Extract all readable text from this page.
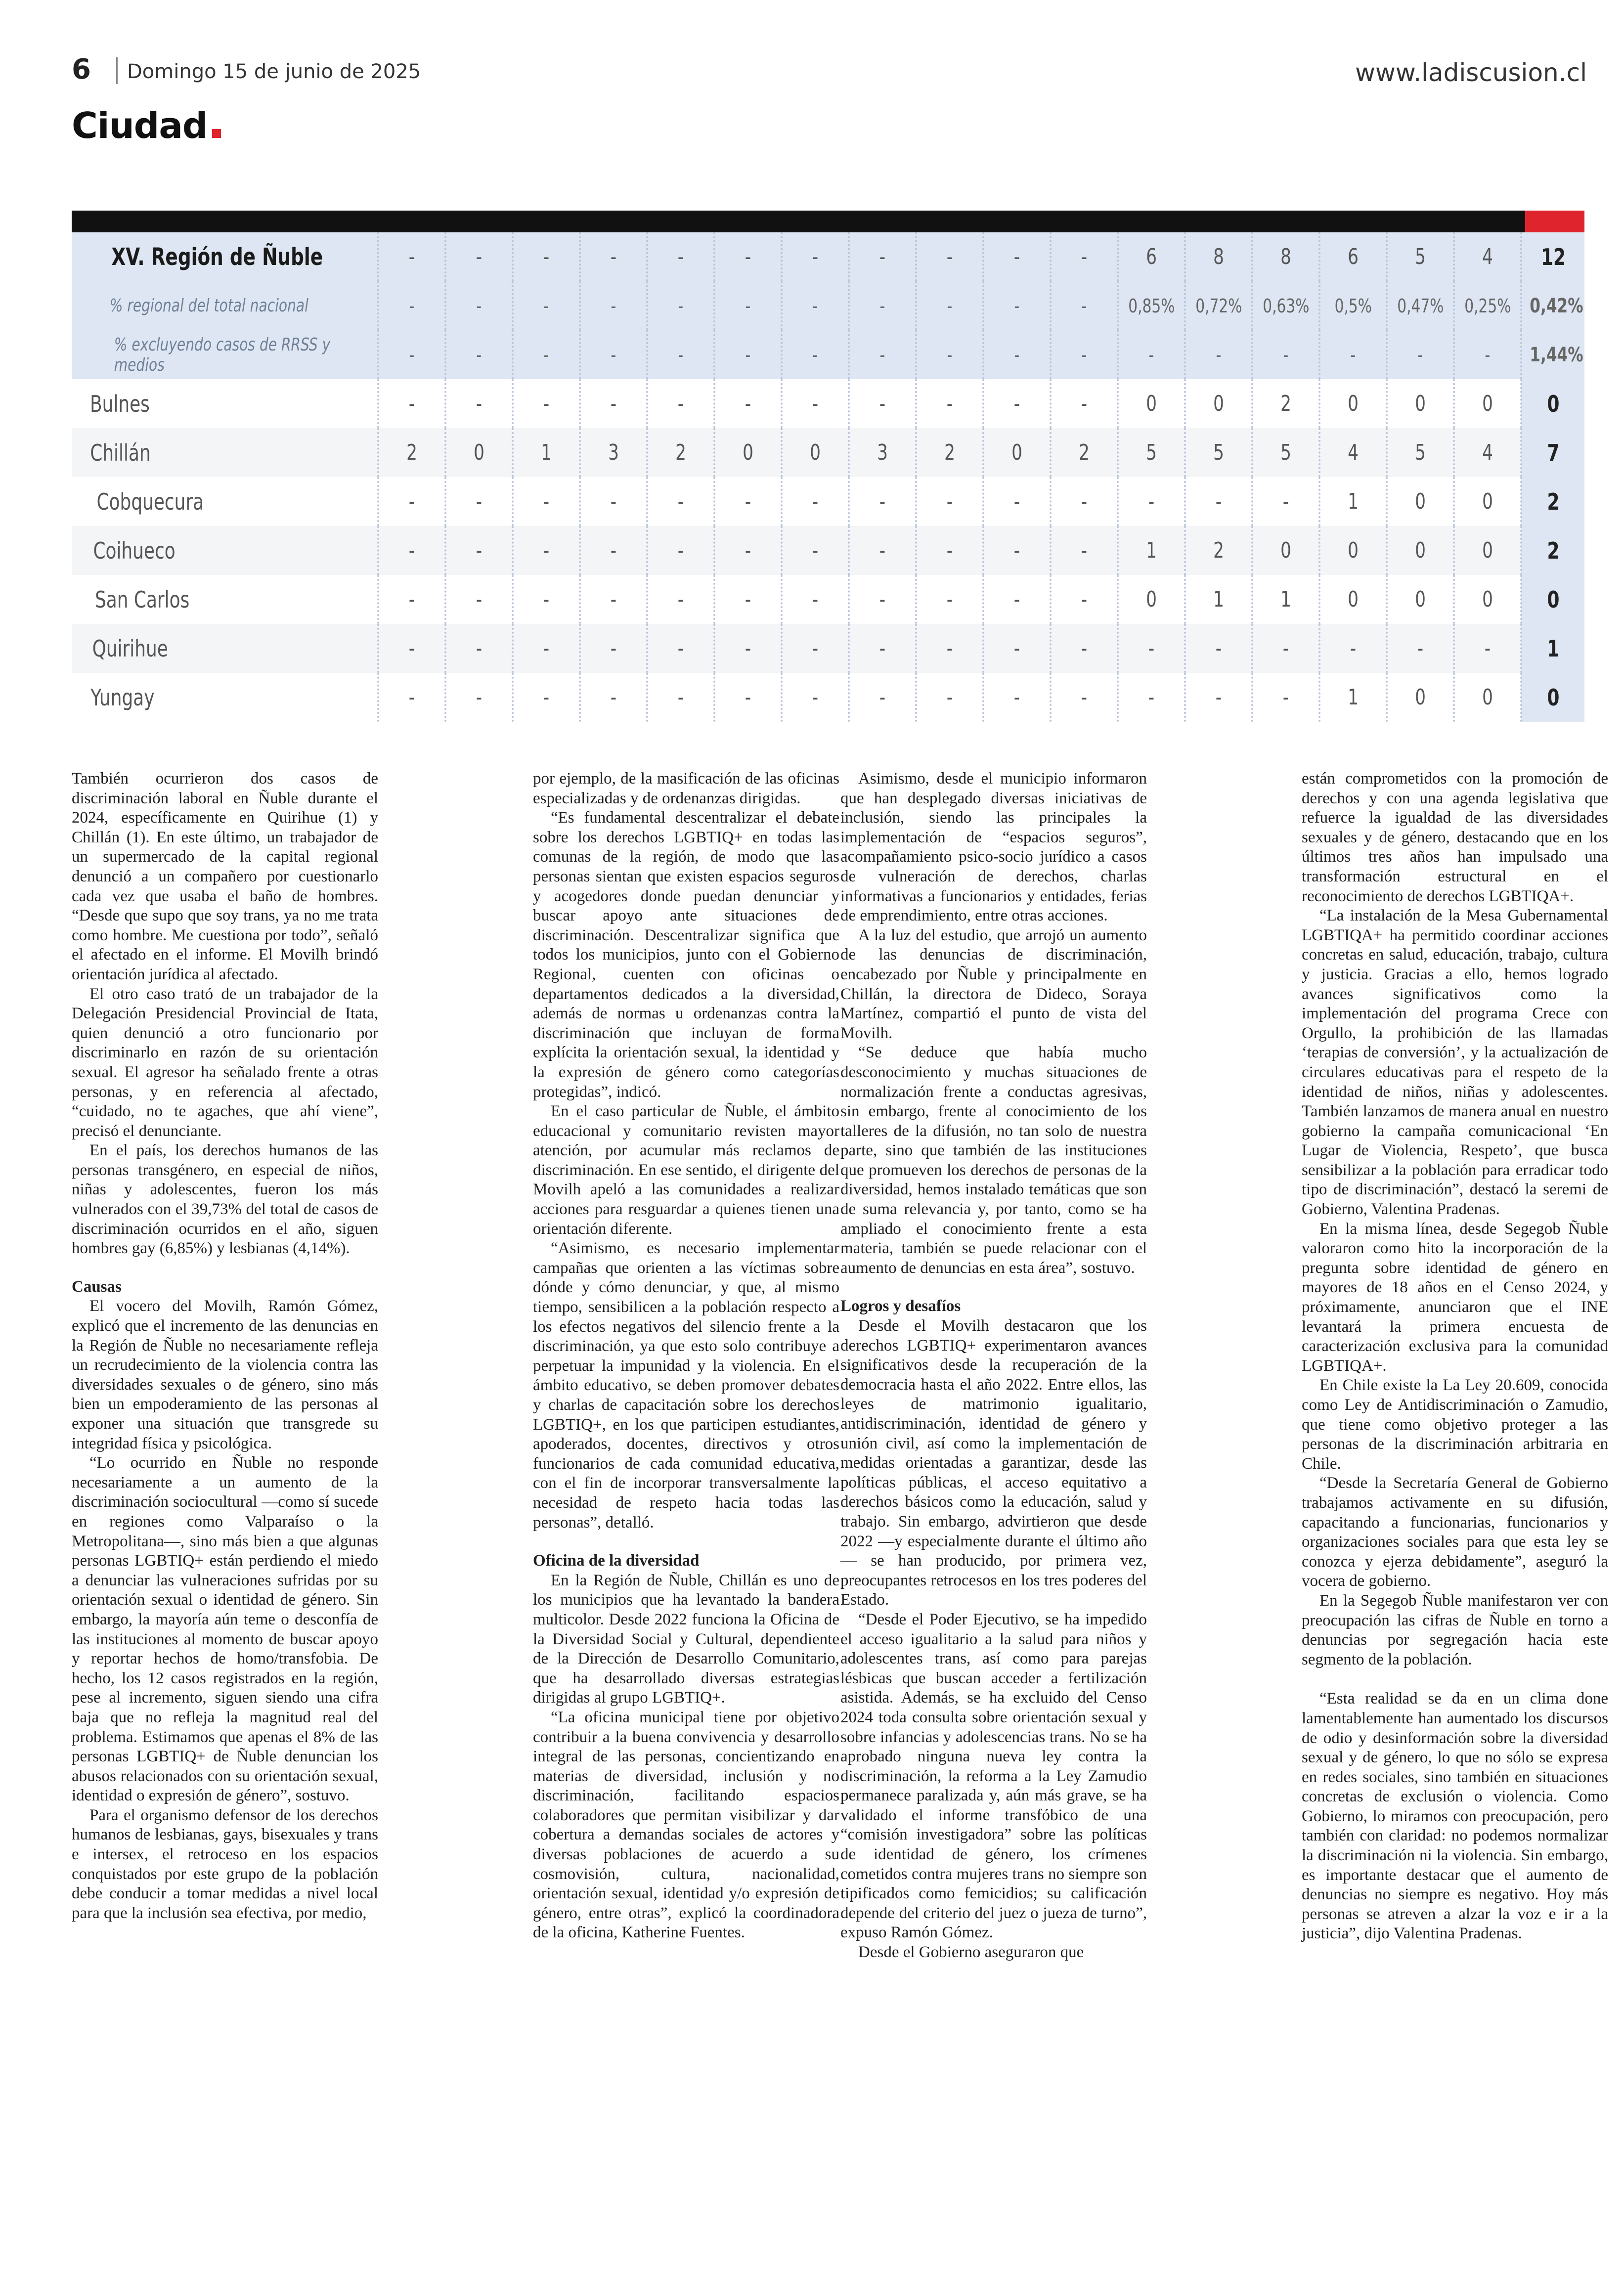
6 Domingo 15 de junio de 2025	www.ladiscusion.cl
Ciudad
XV. Región de Ñuble	-	-	-	-	-	-	-	-	-	-	-	6	8	8	6	5	4	12
% regional del total nacional	-	-	-	-	-	-	-	-	-	-	-	0,85%	0,72%	0,63%	0,5%	0,47%	0,25%	0,42%
% excluyendo casos de RRSS y medios	-	-	-	-	-	-	-	-	-	-	-	-	-	-	-	-	-	1,44%
Bulnes	-	-	-	-	-	-	-	-	-	-	-	0	0	2	0	0	0	0
Chillán	2	0	1	3	2	0	0	3	2	0	2	5	5	5	4	5	4	7
Cobquecura	-	-	-	-	-	-	-	-	-	-	-	-	-	-	1	0	0	2
Coihueco	-	-	-	-	-	-	-	-	-	-	-	1	2	0	0	0	0	2
San Carlos	-	-	-	-	-	-	-	-	-	-	-	0	1	1	0	0	0	0
Quirihue	-	-	-	-	-	-	-	-	-	-	-	-	-	-	-	-	-	1
Yungay	-	-	-	-	-	-	-	-	-	-	-	-	-	-	1	0	0	0

También ocurrieron dos casos de discriminación laboral en Ñuble durante el 2024, específicamente en Quirihue (1) y Chillán (1). En este último, un trabajador de un supermercado de la capital regional denunció a un compañero por cuestionarlo cada vez que usaba el baño de hombres. “Desde que supo que soy trans, ya no me trata como hombre. Me cuestiona por todo”, señaló el afectado en el informe. El Movilh brindó orientación jurídica al afectado.

El otro caso trató de un trabajador de la Delegación Presidencial Provincial de Itata, quien denunció a otro funcionario por discriminarlo en razón de su orientación sexual. El agresor ha señalado frente a otras personas, y en referencia al afectado, “cuidado, no te agaches, que ahí viene”, precisó el denunciante.

En el país, los derechos humanos de las personas transgénero, en especial de niños, niñas y adolescentes, fueron los más vulnerados con el 39,73% del total de casos de discriminación ocurridos en el año, siguen hombres gay (6,85%) y lesbianas (4,14%).

Causas

El vocero del Movilh, Ramón Gómez, explicó que el incremento de las denuncias en la Región de Ñuble no necesariamente refleja un recrudecimiento de la violencia contra las diversidades sexuales o de género, sino más bien un empoderamiento de las personas al exponer una situación que transgrede su integridad física y psicológica.

“Lo ocurrido en Ñuble no responde necesariamente a un aumento de la discriminación sociocultural —como sí sucede en regiones como Valparaíso o la Metropolitana—, sino más bien a que algunas personas LGBTIQ+ están perdiendo el miedo a denunciar las vulneraciones sufridas por su orientación sexual o identidad de género. Sin embargo, la mayoría aún teme o desconfía de las instituciones al momento de buscar apoyo y reportar hechos de homo/transfobia. De hecho, los 12 casos registrados en la región, pese al incremento, siguen siendo una cifra baja que no refleja la magnitud real del problema. Estimamos que apenas el 8% de las personas LGBTIQ+ de Ñuble denuncian los abusos relacionados con su orientación sexual, identidad o expresión de género”, sostuvo.

Para el organismo defensor de los derechos humanos de lesbianas, gays, bisexuales y trans e intersex, el retroceso en los espacios conquistados por este grupo de la población debe conducir a tomar medidas a nivel local para que la inclusión sea efectiva, por medio,

por ejemplo, de la masificación de las oficinas especializadas y de ordenanzas dirigidas.

“Es fundamental descentralizar el debate sobre los derechos LGBTIQ+ en todas las comunas de la región, de modo que las personas sientan que existen espacios seguros y acogedores donde puedan denunciar y buscar apoyo ante situaciones de discriminación. Descentralizar significa que todos los municipios, junto con el Gobierno Regional, cuenten con oficinas o departamentos dedicados a la diversidad, además de normas u ordenanzas contra la discriminación que incluyan de forma explícita la orientación sexual, la identidad y la expresión de género como categorías protegidas”, indicó.

En el caso particular de Ñuble, el ámbito educacional y comunitario revisten mayor atención, por acumular más reclamos de discriminación. En ese sentido, el dirigente del Movilh apeló a las comunidades a realizar acciones para resguardar a quienes tienen una orientación diferente.

“Asimismo, es necesario implementar campañas que orienten a las víctimas sobre dónde y cómo denunciar, y que, al mismo tiempo, sensibilicen a la población respecto a los efectos negativos del silencio frente a la discriminación, ya que esto solo contribuye a perpetuar la impunidad y la violencia. En el ámbito educativo, se deben promover debates y charlas de capacitación sobre los derechos LGBTIQ+, en los que participen estudiantes, apoderados, docentes, directivos y otros funcionarios de cada comunidad educativa, con el fin de incorporar transversalmente la necesidad de respeto hacia todas las personas”, detalló.

Oficina de la diversidad

En la Región de Ñuble, Chillán es uno de los municipios que ha levantado la bandera multicolor. Desde 2022 funciona la Oficina de la Diversidad Social y Cultural, dependiente de la Dirección de Desarrollo Comunitario, que ha desarrollado diversas estrategias dirigidas al grupo LGBTIQ+.

“La oficina municipal tiene por objetivo contribuir a la buena convivencia y desarrollo integral de las personas, concientizando en materias de diversidad, inclusión y no discriminación, facilitando espacios colaboradores que permitan visibilizar y dar cobertura a demandas sociales de actores y diversas poblaciones de acuerdo a su cosmovisión, cultura, nacionalidad, orientación sexual, identidad y/o expresión de género, entre otras”, explicó la coordinadora de la oficina, Katherine Fuentes.

Asimismo, desde el municipio informaron que han desplegado diversas iniciativas de inclusión, siendo las principales la implementación de “espacios seguros”, acompañamiento psico-socio jurídico a casos de vulneración de derechos, charlas informativas a funcionarios y entidades, ferias de emprendimiento, entre otras acciones.

A la luz del estudio, que arrojó un aumento de las denuncias de discriminación, encabezado por Ñuble y principalmente en Chillán, la directora de Dideco, Soraya Martínez, compartió el punto de vista del Movilh.

“Se deduce que había mucho desconocimiento y muchas situaciones de normalización frente a conductas agresivas, sin embargo, frente al conocimiento de los talleres de la difusión, no tan solo de nuestra parte, sino que también de las instituciones que promueven los derechos de personas de la diversidad, hemos instalado temáticas que son de suma relevancia y, por tanto, como se ha ampliado el conocimiento frente a esta materia, también se puede relacionar con el aumento de denuncias en esta área”, sostuvo.

Logros y desafíos

Desde el Movilh destacaron que los derechos LGBTIQ+ experimentaron avances significativos desde la recuperación de la democracia hasta el año 2022. Entre ellos, las leyes de matrimonio igualitario, antidiscriminación, identidad de género y unión civil, así como la implementación de medidas orientadas a garantizar, desde las políticas públicas, el acceso equitativo a derechos básicos como la educación, salud y trabajo. Sin embargo, advirtieron que desde 2022 —y especialmente durante el último año— se han producido, por primera vez, preocupantes retrocesos en los tres poderes del Estado.

“Desde el Poder Ejecutivo, se ha impedido el acceso igualitario a la salud para niños y adolescentes trans, así como para parejas lésbicas que buscan acceder a fertilización asistida. Además, se ha excluido del Censo 2024 toda consulta sobre orientación sexual y sobre infancias y adolescencias trans. No se ha aprobado ninguna nueva ley contra la discriminación, la reforma a la Ley Zamudio permanece paralizada y, aún más grave, se ha validado el informe transfóbico de una “comisión investigadora” sobre las políticas de identidad de género, los crímenes cometidos contra mujeres trans no siempre son tipificados como femicidios; su calificación depende del criterio del juez o jueza de turno”, expuso Ramón Gómez.

Desde el Gobierno aseguraron que

están comprometidos con la promoción de derechos y con una agenda legislativa que refuerce la igualdad de las diversidades sexuales y de género, destacando que en los últimos tres años han impulsado una transformación estructural en el reconocimiento de derechos LGBTIQA+.

“La instalación de la Mesa Gubernamental LGBTIQA+ ha permitido coordinar acciones concretas en salud, educación, trabajo, cultura y justicia. Gracias a ello, hemos logrado avances significativos como la implementación del programa Crece con Orgullo, la prohibición de las llamadas ‘terapias de conversión’, y la actualización de circulares educativas para el respeto de la identidad de niños, niñas y adolescentes. También lanzamos de manera anual en nuestro gobierno la campaña comunicacional ‘En Lugar de Violencia, Respeto’, que busca sensibilizar a la población para erradicar todo tipo de discriminación”, destacó la seremi de Gobierno, Valentina Pradenas.

En la misma línea, desde Segegob Ñuble valoraron como hito la incorporación de la pregunta sobre identidad de género en mayores de 18 años en el Censo 2024, y próximamente, anunciaron que el INE levantará la primera encuesta de caracterización exclusiva para la comunidad LGBTIQA+.

En Chile existe la La Ley 20.609, conocida como Ley de Antidiscriminación o Zamudio, que tiene como objetivo proteger a las personas de la discriminación arbitraria en Chile.

“Desde la Secretaría General de Gobierno trabajamos activamente en su difusión, capacitando a funcionarias, funcionarios y organizaciones sociales para que esta ley se conozca y ejerza debidamente”, aseguró la vocera de gobierno.

En la Segegob Ñuble manifestaron ver con preocupación las cifras de Ñuble en torno a denuncias por segregación hacia este segmento de la población.

“Esta realidad se da en un clima done lamentablemente han aumentado los discursos de odio y desinformación sobre la diversidad sexual y de género, lo que no sólo se expresa en redes sociales, sino también en situaciones concretas de exclusión o violencia. Como Gobierno, lo miramos con preocupación, pero también con claridad: no podemos normalizar la discriminación ni la violencia. Sin embargo, es importante destacar que el aumento de denuncias no siempre es negativo. Hoy más personas se atreven a alzar la voz e ir a la justicia”, dijo Valentina Pradenas.
